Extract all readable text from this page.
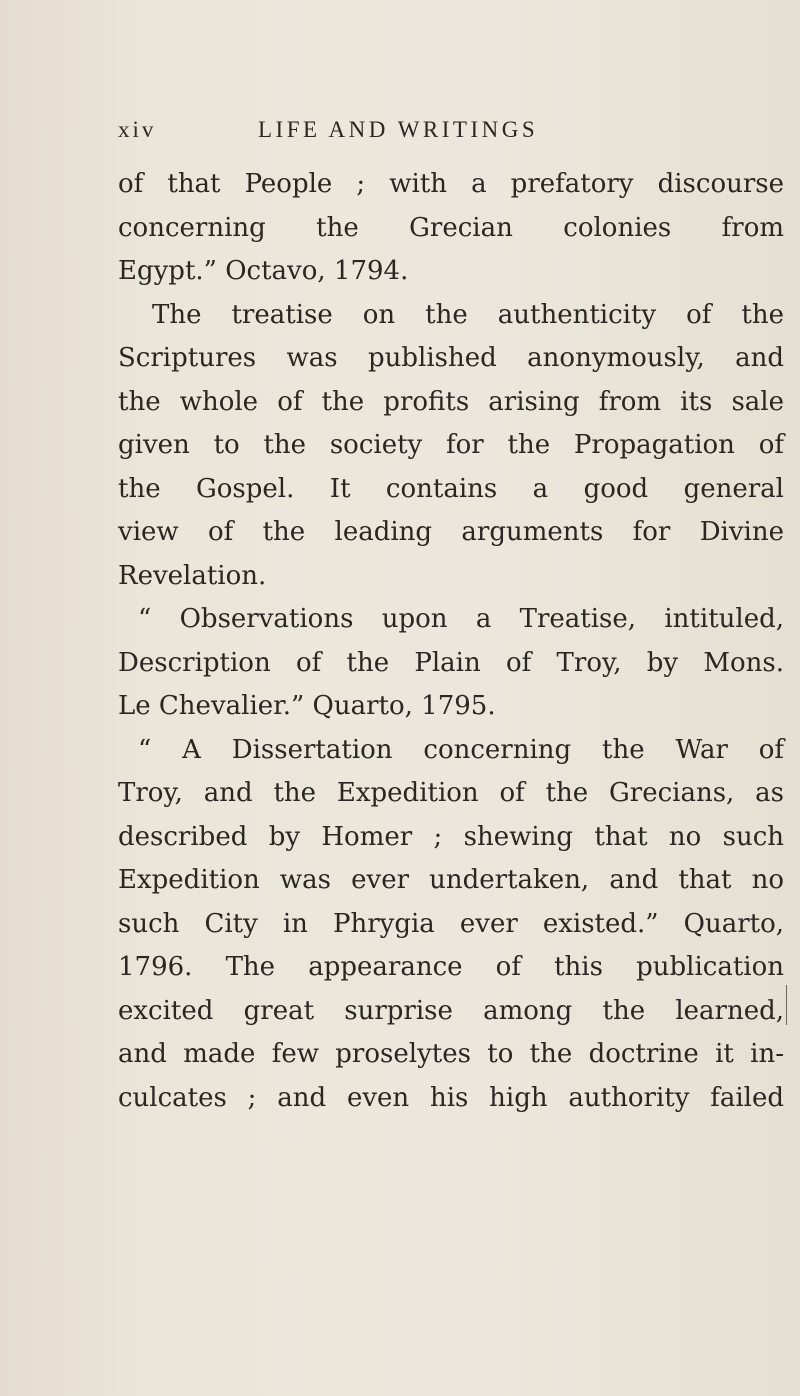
xiv	LIFE AND WRITINGS
of that People ; with a prefatory discourse
concerning the Grecian colonies from
Egypt.” Octavo, 1794.
The treatise on the authenticity of the
Scriptures was published anonymously, and
the whole of the profits arising from its sale
given to the society for the Propagation of
the Gospel. It contains a good general
view of the leading arguments for Divine
Revelation.
“ Observations upon a Treatise, intituled,
Description of the Plain of Troy, by Mons.
Le Chevalier.” Quarto, 1795.
“ A Dissertation concerning the War of
Troy, and the Expedition of the Grecians, as
described by Homer ; shewing that no such
Expedition was ever undertaken, and that no
such City in Phrygia ever existed.” Quarto,
1796. The appearance of this publication
excited great surprise among the learned,
and made few proselytes to the doctrine it in-
culcates ; and even his high authority failed
